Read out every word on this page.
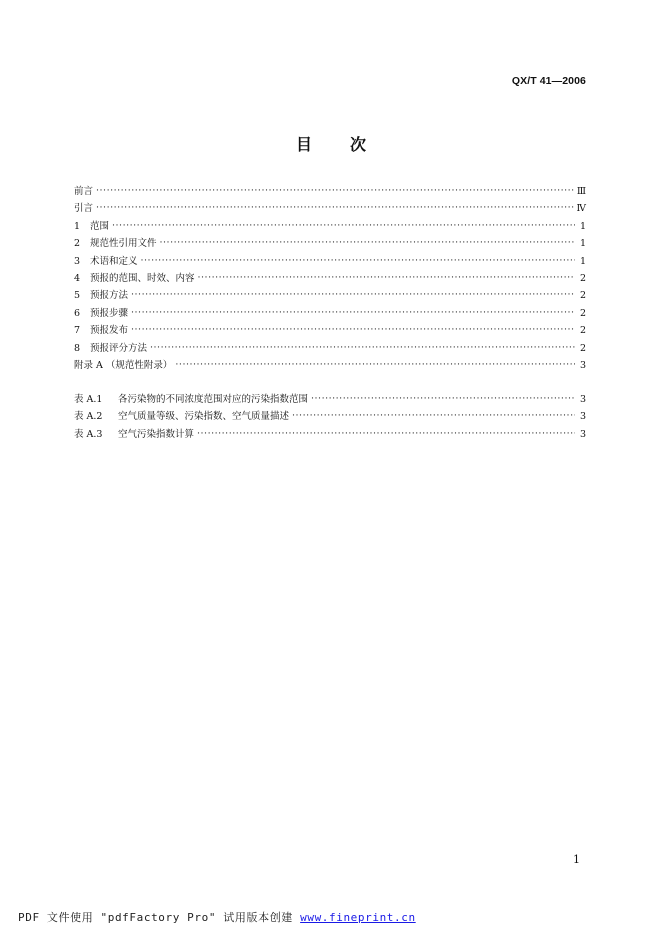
QX/T 41—2006
目 次
前言 ·····	Ⅲ
引言 ·····	Ⅳ
1	范围 ·····	1
2	规范性引用文件 ·····	1
3	术语和定义 ·····	1
4	预报的范围、时效、内容 ·····	2
5	预报方法 ·····	2
6	预报步骤 ·····	2
7	预报发布 ·····	2
8	预报评分方法 ·····	2
附录 A （规范性附录） ·····	3
表 A.1	各污染物的不同浓度范围对应的污染指数范围 ·····	3
表 A.2	空气质量等级、污染指数、空气质量描述 ·····	3
表 A.3	空气污染指数计算 ·····	3
1
PDF 文件使用 "pdfFactory Pro" 试用版本创建 www.fineprint.cn
